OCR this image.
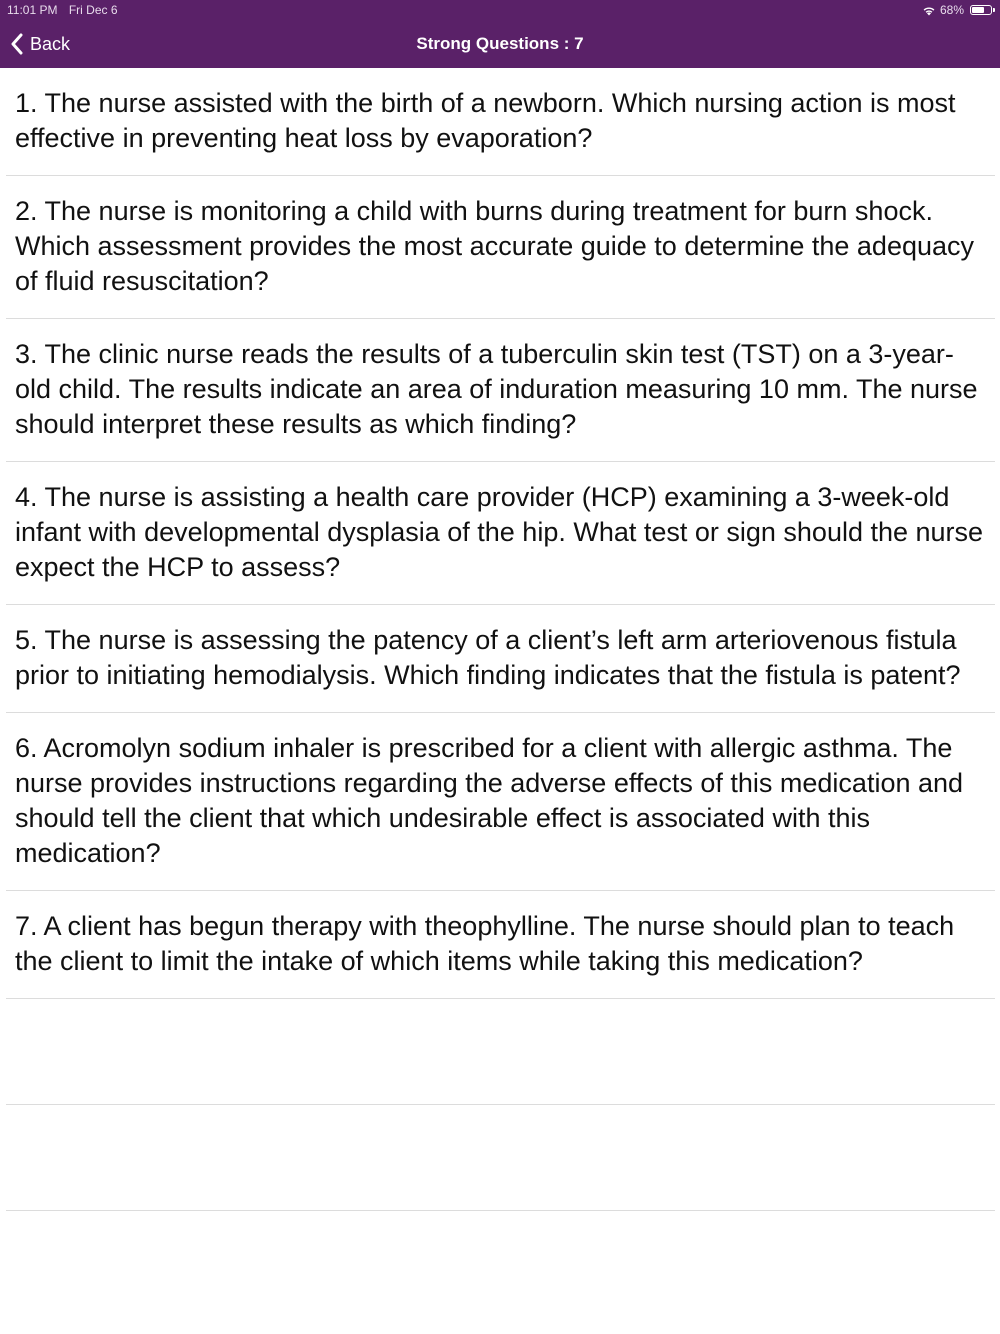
11:01 PM Fri Dec 6	68%
Back	Strong Questions : 7
1. The nurse assisted with the birth of a newborn. Which nursing action is most effective in preventing heat loss by evaporation?
2. The nurse is monitoring a child with burns during treatment for burn shock. Which assessment provides the most accurate guide to determine the adequacy of fluid resuscitation?
3. The clinic nurse reads the results of a tuberculin skin test (TST) on a 3-year-old child. The results indicate an area of induration measuring 10 mm. The nurse should interpret these results as which finding?
4. The nurse is assisting a health care provider (HCP) examining a 3-week-old infant with developmental dysplasia of the hip. What test or sign should the nurse expect the HCP to assess?
5. The nurse is assessing the patency of a client’s left arm arteriovenous fistula prior to initiating hemodialysis. Which finding indicates that the fistula is patent?
6. Acromolyn sodium inhaler is prescribed for a client with allergic asthma. The nurse provides instructions regarding the adverse effects of this medication and should tell the client that which undesirable effect is associated with this medication?
7. A client has begun therapy with theophylline. The nurse should plan to teach the client to limit the intake of which items while taking this medication?
